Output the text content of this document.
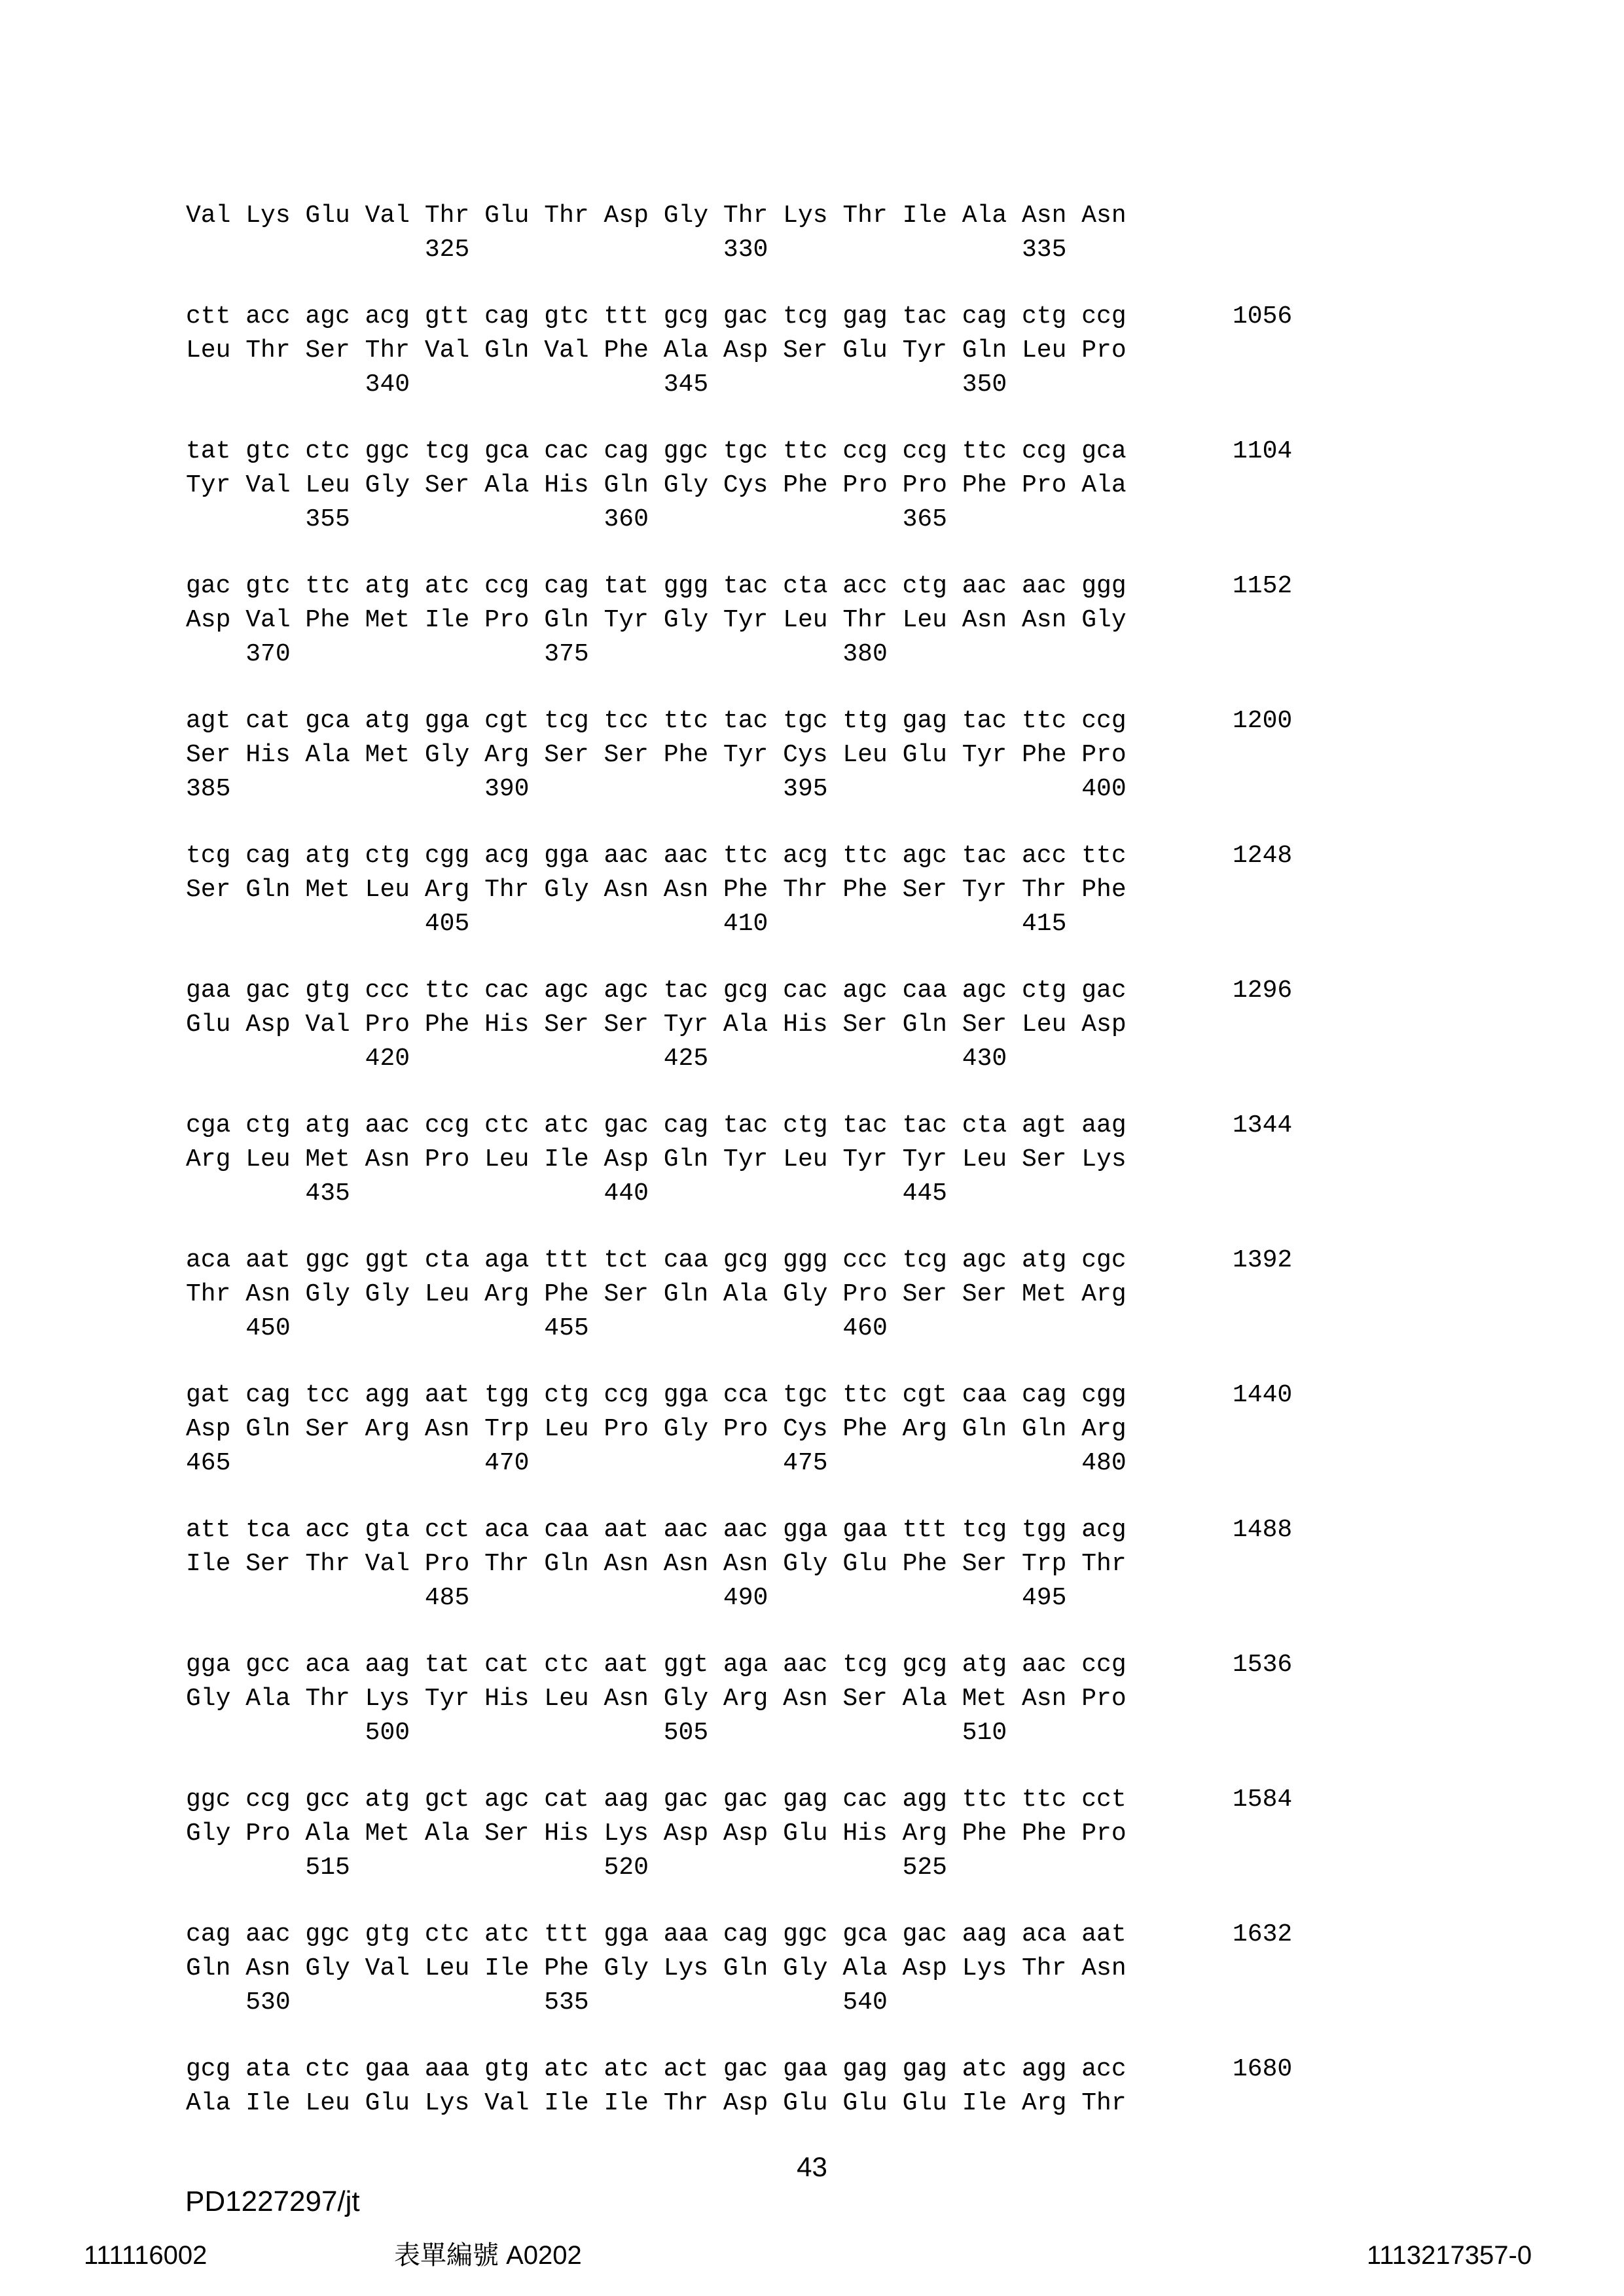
Val Lys Glu Val Thr Glu Thr Asp Gly Thr Lys Thr Ile Ala Asn Asn
325                 330                 335
ctt acc agc acg gtt cag gtc ttt gcg gac tcg gag tac cag ctg ccg	1056
Leu Thr Ser Thr Val Gln Val Phe Ala Asp Ser Glu Tyr Gln Leu Pro
340                 345                 350
tat gtc ctc ggc tcg gca cac cag ggc tgc ttc ccg ccg ttc ccg gca	1104
Tyr Val Leu Gly Ser Ala His Gln Gly Cys Phe Pro Pro Phe Pro Ala
355                 360                 365
gac gtc ttc atg atc ccg cag tat ggg tac cta acc ctg aac aac ggg	1152
Asp Val Phe Met Ile Pro Gln Tyr Gly Tyr Leu Thr Leu Asn Asn Gly
370                 375                 380
agt cat gca atg gga cgt tcg tcc ttc tac tgc ttg gag tac ttc ccg	1200
Ser His Ala Met Gly Arg Ser Ser Phe Tyr Cys Leu Glu Tyr Phe Pro
385                 390                 395                 400
tcg cag atg ctg cgg acg gga aac aac ttc acg ttc agc tac acc ttc	1248
Ser Gln Met Leu Arg Thr Gly Asn Asn Phe Thr Phe Ser Tyr Thr Phe
405                 410                 415
gaa gac gtg ccc ttc cac agc agc tac gcg cac agc caa agc ctg gac	1296
Glu Asp Val Pro Phe His Ser Ser Tyr Ala His Ser Gln Ser Leu Asp
420                 425                 430
cga ctg atg aac ccg ctc atc gac cag tac ctg tac tac cta agt aag	1344
Arg Leu Met Asn Pro Leu Ile Asp Gln Tyr Leu Tyr Tyr Leu Ser Lys
435                 440                 445
aca aat ggc ggt cta aga ttt tct caa gcg ggg ccc tcg agc atg cgc	1392
Thr Asn Gly Gly Leu Arg Phe Ser Gln Ala Gly Pro Ser Ser Met Arg
450                 455                 460
gat cag tcc agg aat tgg ctg ccg gga cca tgc ttc cgt caa cag cgg	1440
Asp Gln Ser Arg Asn Trp Leu Pro Gly Pro Cys Phe Arg Gln Gln Arg
465                 470                 475                 480
att tca acc gta cct aca caa aat aac aac gga gaa ttt tcg tgg acg	1488
Ile Ser Thr Val Pro Thr Gln Asn Asn Asn Gly Glu Phe Ser Trp Thr
485                 490                 495
gga gcc aca aag tat cat ctc aat ggt aga aac tcg gcg atg aac ccg	1536
Gly Ala Thr Lys Tyr His Leu Asn Gly Arg Asn Ser Ala Met Asn Pro
500                 505                 510
ggc ccg gcc atg gct agc cat aag gac gac gag cac agg ttc ttc cct	1584
Gly Pro Ala Met Ala Ser His Lys Asp Asp Glu His Arg Phe Phe Pro
515                 520                 525
cag aac ggc gtg ctc atc ttt gga aaa cag ggc gca gac aag aca aat	1632
Gln Asn Gly Val Leu Ile Phe Gly Lys Gln Gly Ala Asp Lys Thr Asn
530                 535                 540
gcg ata ctc gaa aaa gtg atc atc act gac gaa gag gag atc agg acc	1680
Ala Ile Leu Glu Lys Val Ile Ile Thr Asp Glu Glu Glu Ile Arg Thr
43
PD1227297/jt
111116002	表單編號 A0202	1113217357-0
